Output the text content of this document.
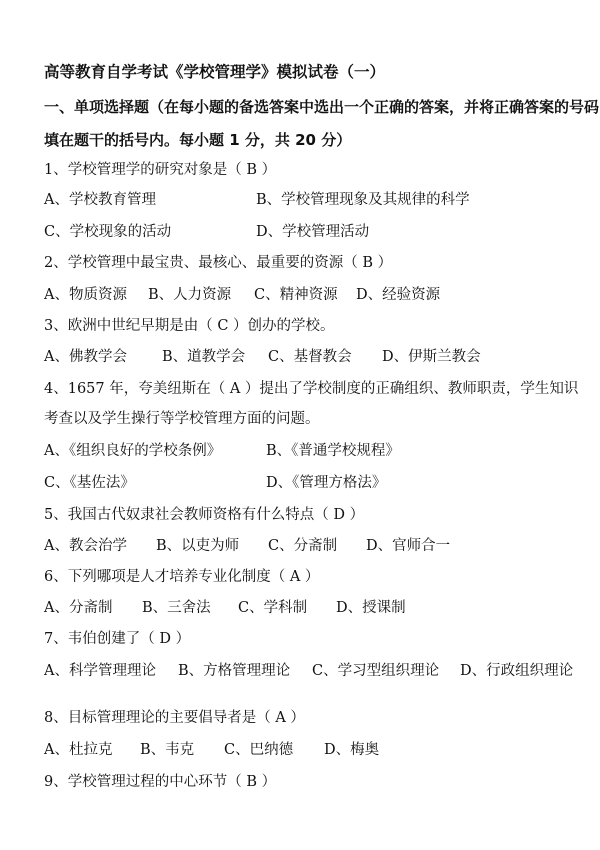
高等教育自学考试《学校管理学》模拟试卷（一）
一、单项选择题（在每小题的备选答案中选出一个正确的答案，并将正确答案的号码
填在题干的括号内。每小题 1 分，共 20 分）
1、学校管理学的研究对象是（ B ）
A、学校教育管理	B、学校管理现象及其规律的科学
C、学校现象的活动	D、学校管理活动
2、学校管理中最宝贵、最核心、最重要的资源（ B ）
A、物质资源 B、人力资源 C、精神资源 D、经验资源
3、欧洲中世纪早期是由（ C ）创办的学校。
A、佛教学会 B、道教学会 C、基督教会 D、伊斯兰教会
4、1657 年，夸美纽斯在（ A ）提出了学校制度的正确组织、教师职责，学生知识
考查以及学生操行等学校管理方面的问题。
A、《组织良好的学校条例》	B、《普通学校规程》
C、《基佐法》	D、《管理方格法》
5、我国古代奴隶社会教师资格有什么特点（ D ）
A、教会治学 B、以吏为师 C、分斋制 D、官师合一
6、下列哪项是人才培养专业化制度（ A ）
A、分斋制 B、三舍法 C、学科制 D、授课制
7、韦伯创建了（ D ）
A、科学管理理论 B、方格管理理论 C、学习型组织理论 D、行政组织理论
8、目标管理理论的主要倡导者是（ A ）
A、杜拉克 B、韦克 C、巴纳德 D、梅奥
9、学校管理过程的中心环节（ B ）
